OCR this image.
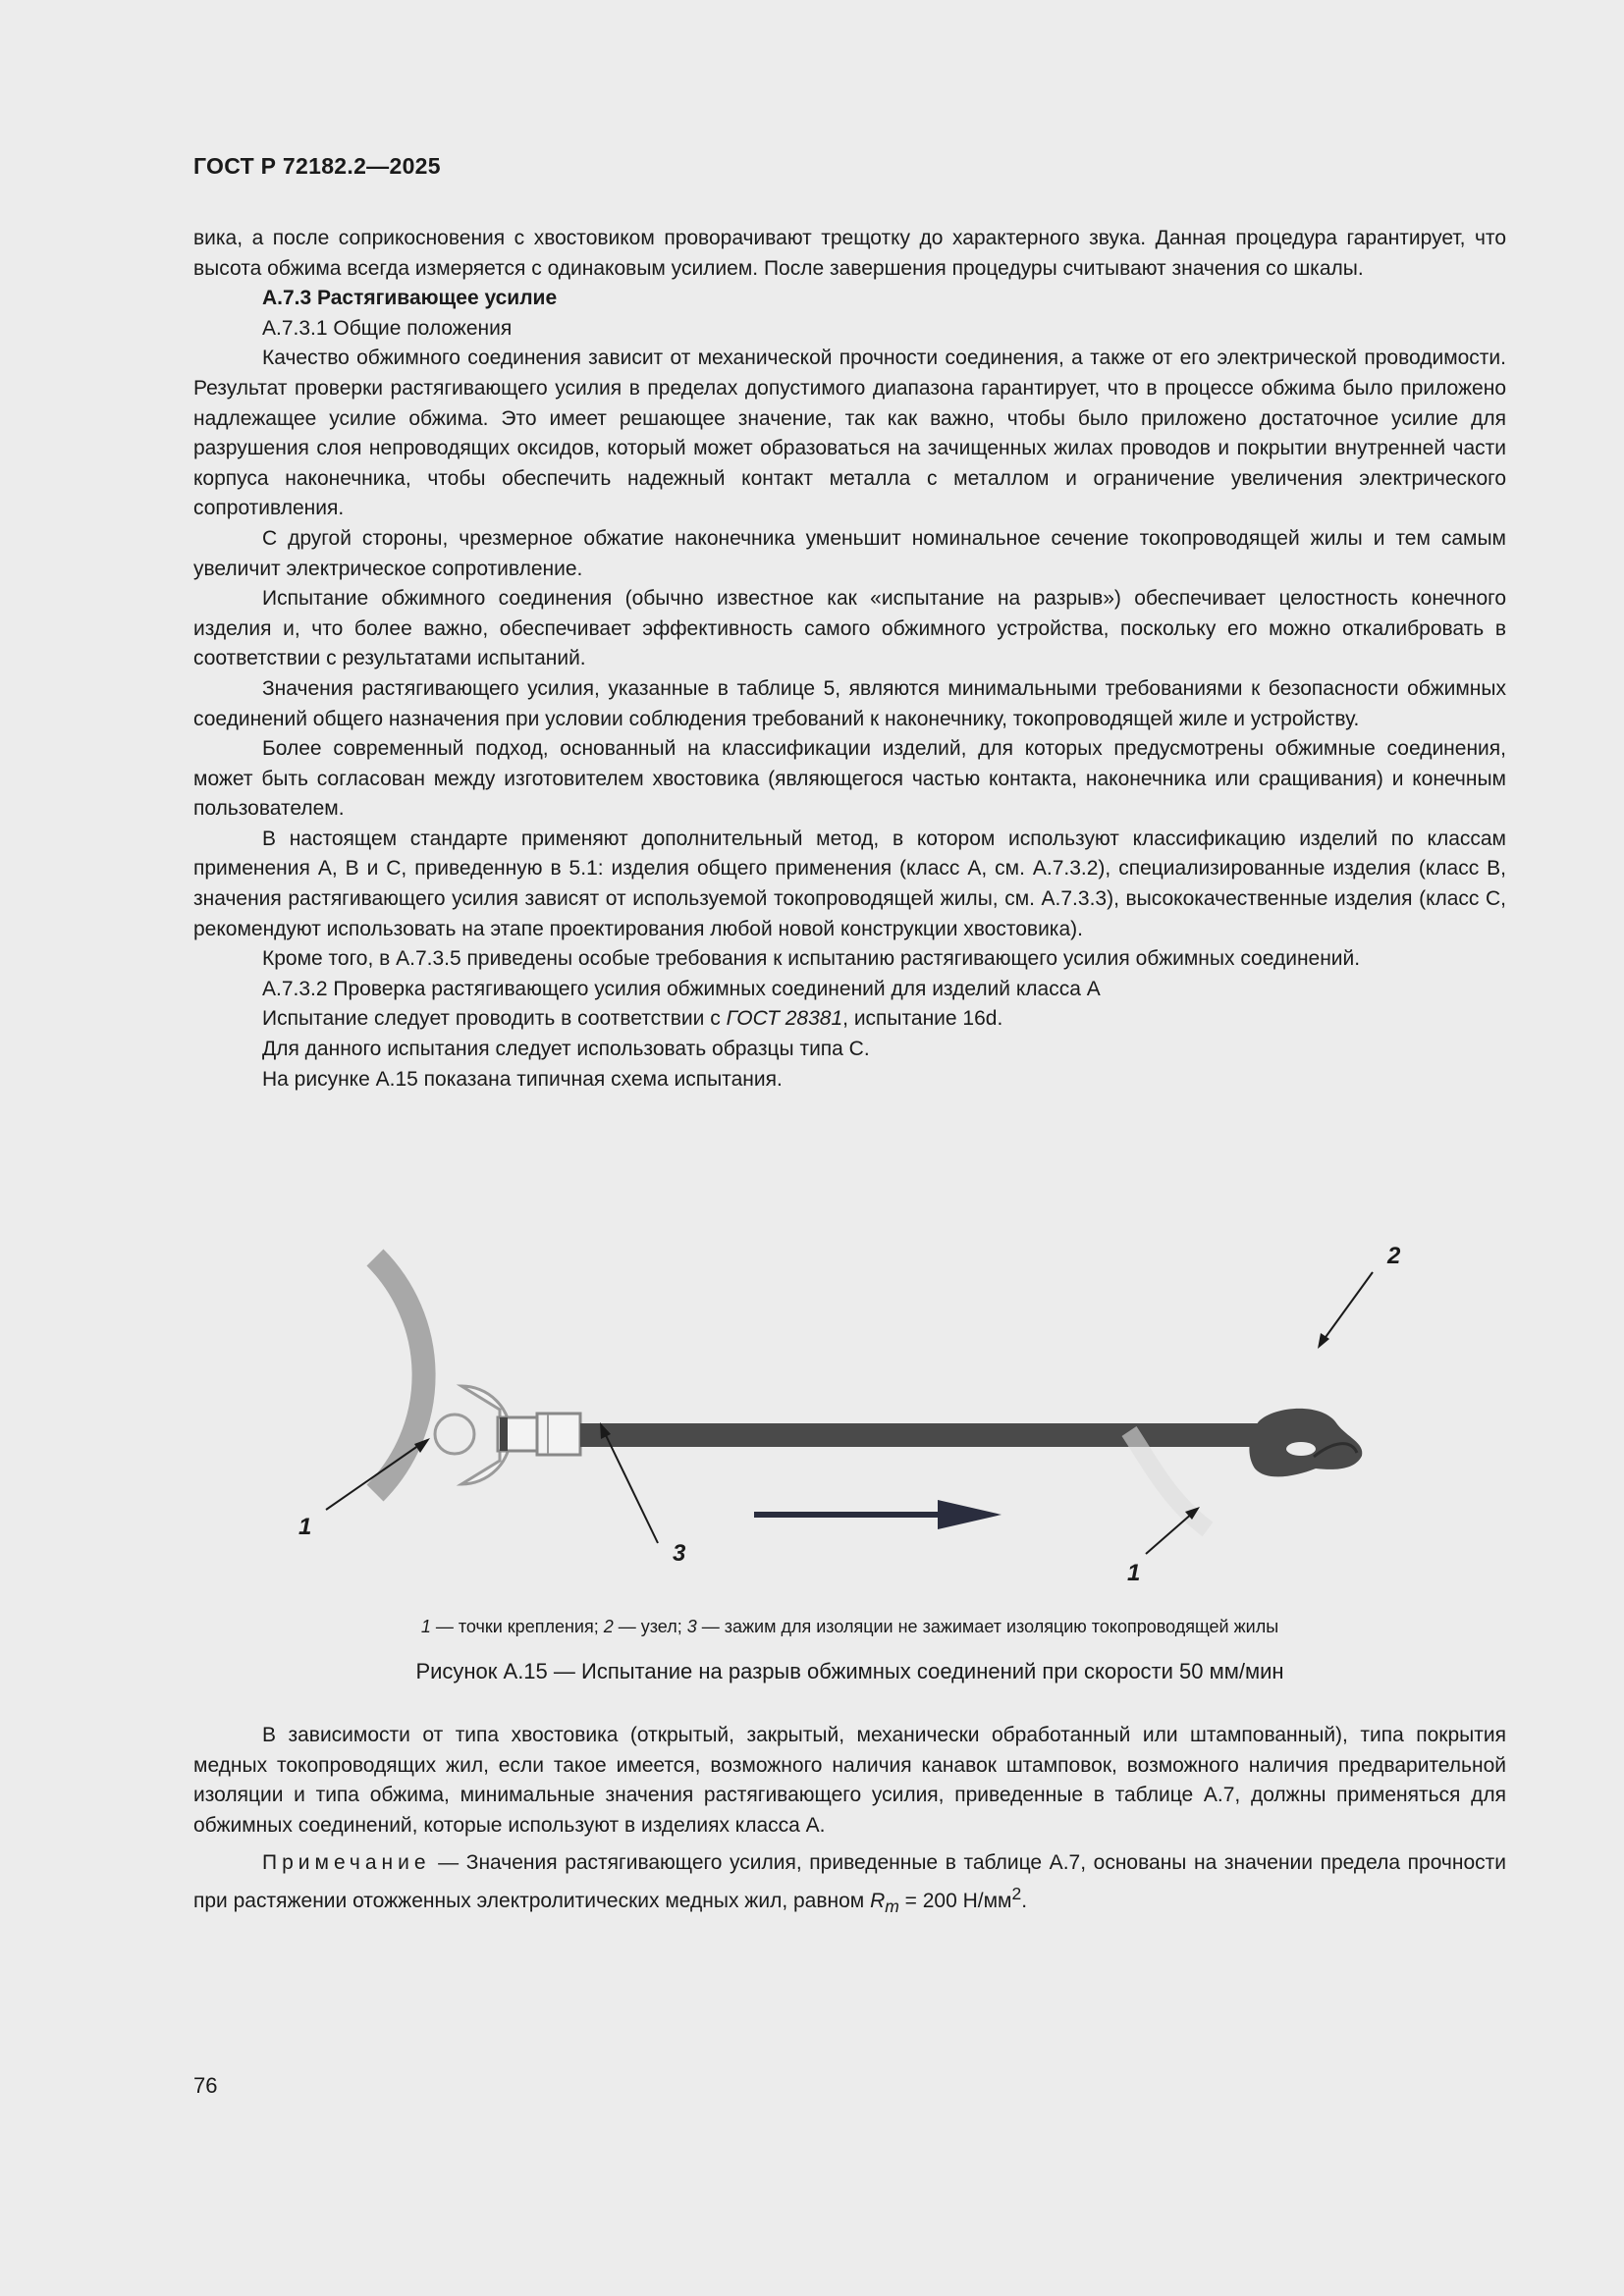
ГОСТ Р 72182.2—2025

вика, а после соприкосновения с хвостовиком проворачивают трещотку до характерного звука. Данная процедура гарантирует, что высота обжима всегда измеряется с одинаковым усилием. После завершения процедуры считывают значения со шкалы.

А.7.3 Растягивающее усилие

А.7.3.1 Общие положения

Качество обжимного соединения зависит от механической прочности соединения, а также от его электрической проводимости. Результат проверки растягивающего усилия в пределах допустимого диапазона гарантирует, что в процессе обжима было приложено надлежащее усилие обжима. Это имеет решающее значение, так как важно, чтобы было приложено достаточное усилие для разрушения слоя непроводящих оксидов, который может образоваться на зачищенных жилах проводов и покрытии внутренней части корпуса наконечника, чтобы обеспечить надежный контакт металла с металлом и ограничение увеличения электрического сопротивления.

С другой стороны, чрезмерное обжатие наконечника уменьшит номинальное сечение токопроводящей жилы и тем самым увеличит электрическое сопротивление.

Испытание обжимного соединения (обычно известное как «испытание на разрыв») обеспечивает целостность конечного изделия и, что более важно, обеспечивает эффективность самого обжимного устройства, поскольку его можно откалибровать в соответствии с результатами испытаний.

Значения растягивающего усилия, указанные в таблице 5, являются минимальными требованиями к безопасности обжимных соединений общего назначения при условии соблюдения требований к наконечнику, токопроводящей жиле и устройству.

Более современный подход, основанный на классификации изделий, для которых предусмотрены обжимные соединения, может быть согласован между изготовителем хвостовика (являющегося частью контакта, наконечника или сращивания) и конечным пользователем.

В настоящем стандарте применяют дополнительный метод, в котором используют классификацию изделий по классам применения А, В и С, приведенную в 5.1: изделия общего применения (класс А, см. А.7.3.2), специализированные изделия (класс В, значения растягивающего усилия зависят от используемой токопроводящей жилы, см. А.7.3.3), высококачественные изделия (класс С, рекомендуют использовать на этапе проектирования любой новой конструкции хвостовика).

Кроме того, в А.7.3.5 приведены особые требования к испытанию растягивающего усилия обжимных соединений.

А.7.3.2 Проверка растягивающего усилия обжимных соединений для изделий класса А

Испытание следует проводить в соответствии с ГОСТ 28381, испытание 16d.

Для данного испытания следует использовать образцы типа С.

На рисунке А.15 показана типичная схема испытания.

1
3
2
1
1 — точки крепления; 2 — узел; 3 — зажим для изоляции не зажимает изоляцию токопроводящей жилы
Рисунок А.15 — Испытание на разрыв обжимных соединений при скорости 50 мм/мин

В зависимости от типа хвостовика (открытый, закрытый, механически обработанный или штампованный), типа покрытия медных токопроводящих жил, если такое имеется, возможного наличия канавок штамповок, возможного наличия предварительной изоляции и типа обжима, минимальные значения растягивающего усилия, приведенные в таблице А.7, должны применяться для обжимных соединений, которые используют в изделиях класса А.

Примечание — Значения растягивающего усилия, приведенные в таблице А.7, основаны на значении предела прочности при растяжении отожженных электролитических медных жил, равном $R_m = 200$ $Н/мм^2$.

76
